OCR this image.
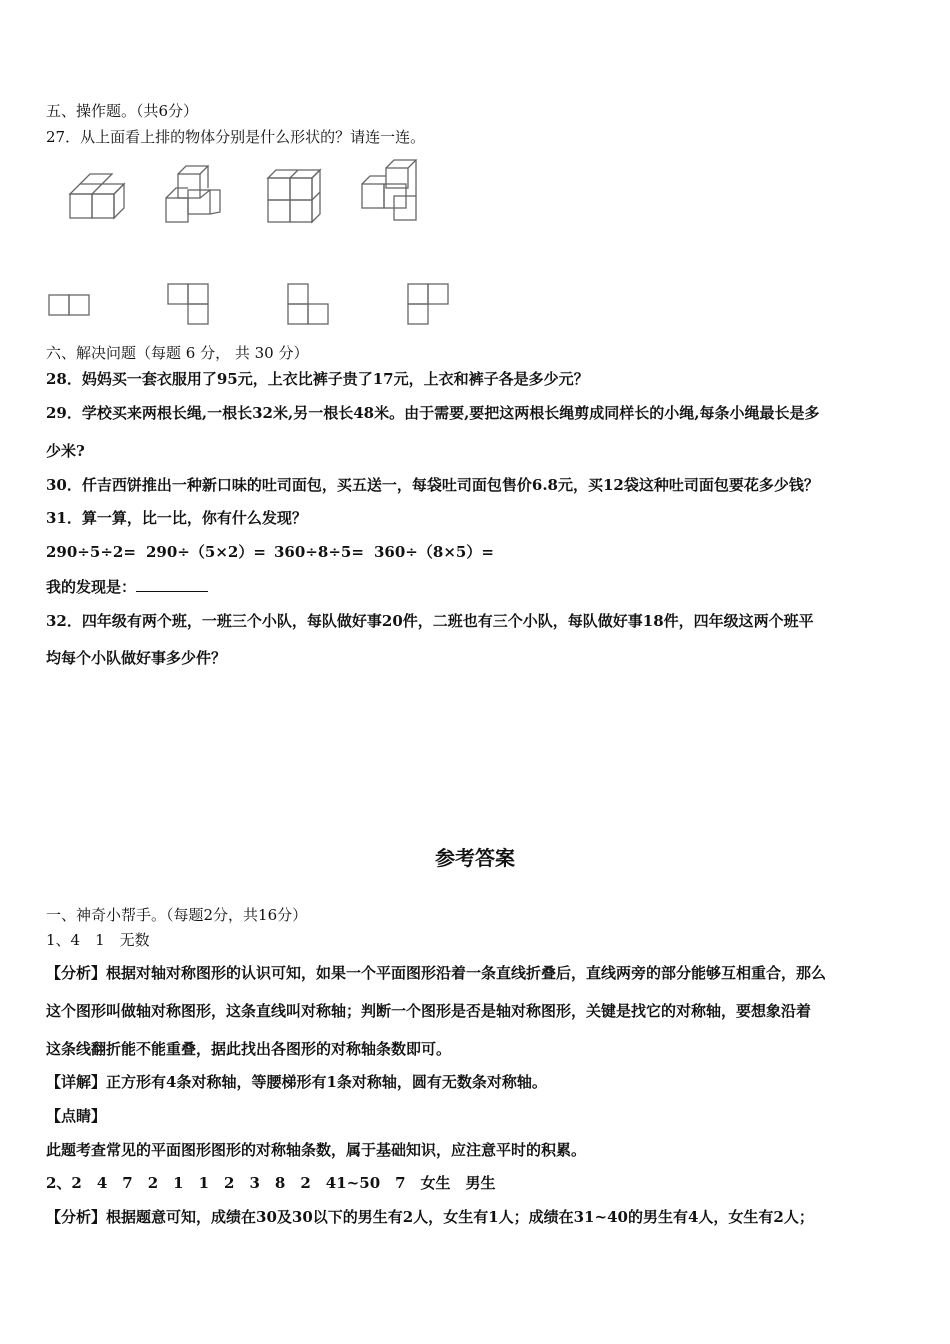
五、操作题。（共6分）
27．从上面看上排的物体分别是什么形状的？请连一连。
六、解决问题（每题 6 分， 共 30 分）
28．妈妈买一套衣服用了95元，上衣比裤子贵了17元，上衣和裤子各是多少元？
29．学校买来两根长绳,一根长32米,另一根长48米。由于需要,要把这两根长绳剪成同样长的小绳,每条小绳最长是多
少米?
30．仟吉西饼推出一种新口味的吐司面包，买五送一，每袋吐司面包售价6.8元，买12袋这种吐司面包要花多少钱？
31．算一算，比一比，你有什么发现？
290÷5÷2= 290÷（5×2）= 360÷8÷5= 360÷（8×5）=
我的发现是：
32．四年级有两个班，一班三个小队，每队做好事20件，二班也有三个小队，每队做好事18件，四年级这两个班平
均每个小队做好事多少件？
参考答案
一、神奇小帮手。（每题2分，共16分）
1、4　1　无数
【分析】根据对轴对称图形的认识可知，如果一个平面图形沿着一条直线折叠后，直线两旁的部分能够互相重合，那么
这个图形叫做轴对称图形，这条直线叫对称轴；判断一个图形是否是轴对称图形，关键是找它的对称轴，要想象沿着
这条线翻折能不能重叠，据此找出各图形的对称轴条数即可。
【详解】正方形有4条对称轴，等腰梯形有1条对称轴，圆有无数条对称轴。
【点睛】
此题考查常见的平面图形图形的对称轴条数，属于基础知识，应注意平时的积累。
2、2　4　7　2　1　1　2　3　8　2　41~50　7　女生　男生
【分析】根据题意可知，成绩在30及30以下的男生有2人，女生有1人；成绩在31~40的男生有4人，女生有2人；
